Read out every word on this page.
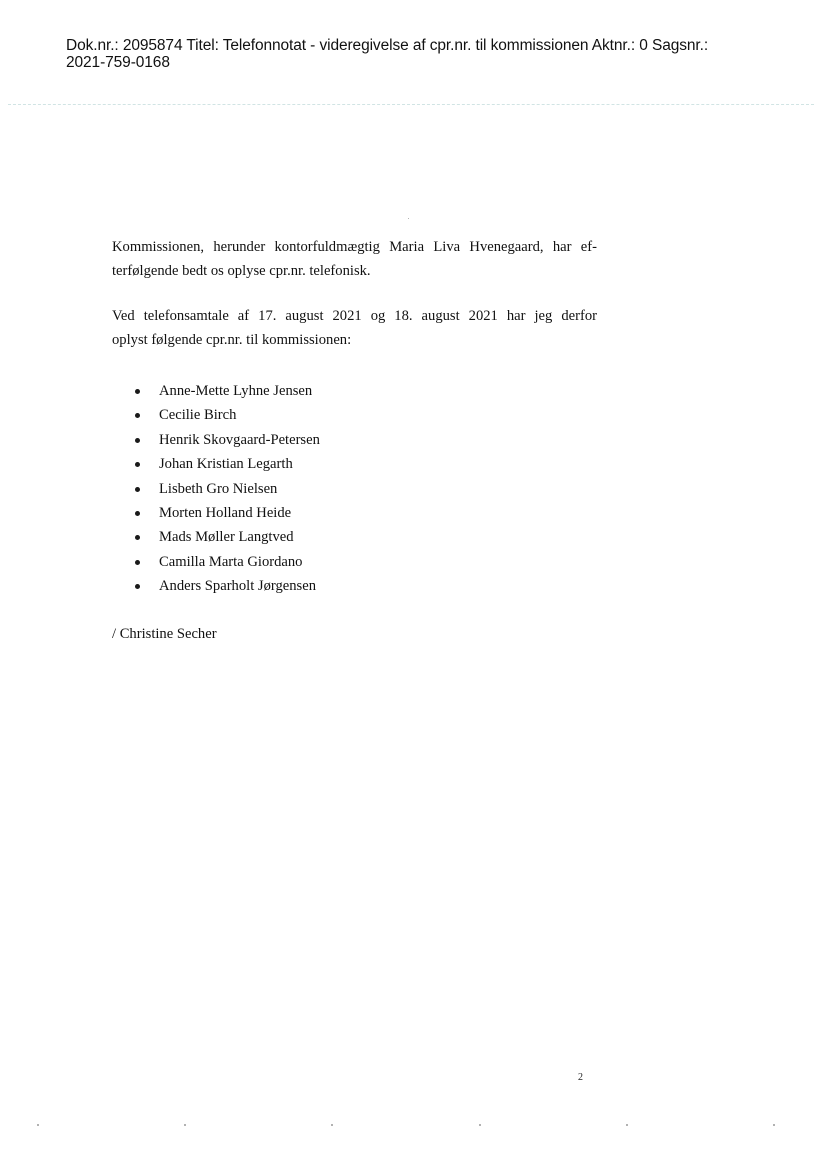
Dok.nr.: 2095874 Titel: Telefonnotat - videregivelse af cpr.nr. til kommissionen Aktnr.: 0 Sagsnr.:
2021-759-0168

Kommissionen, herunder kontorfuldmægtig Maria Liva Hvenegaard, har ef-
terfølgende bedt os oplyse cpr.nr. telefonisk.

Ved telefonsamtale af 17. august 2021 og 18. august 2021 har jeg derfor
oplyst følgende cpr.nr. til kommissionen:

Anne-Mette Lyhne Jensen
Cecilie Birch
Henrik Skovgaard-Petersen
Johan Kristian Legarth
Lisbeth Gro Nielsen
Morten Holland Heide
Mads Møller Langtved
Camilla Marta Giordano
Anders Sparholt Jørgensen

/ Christine Secher

2
